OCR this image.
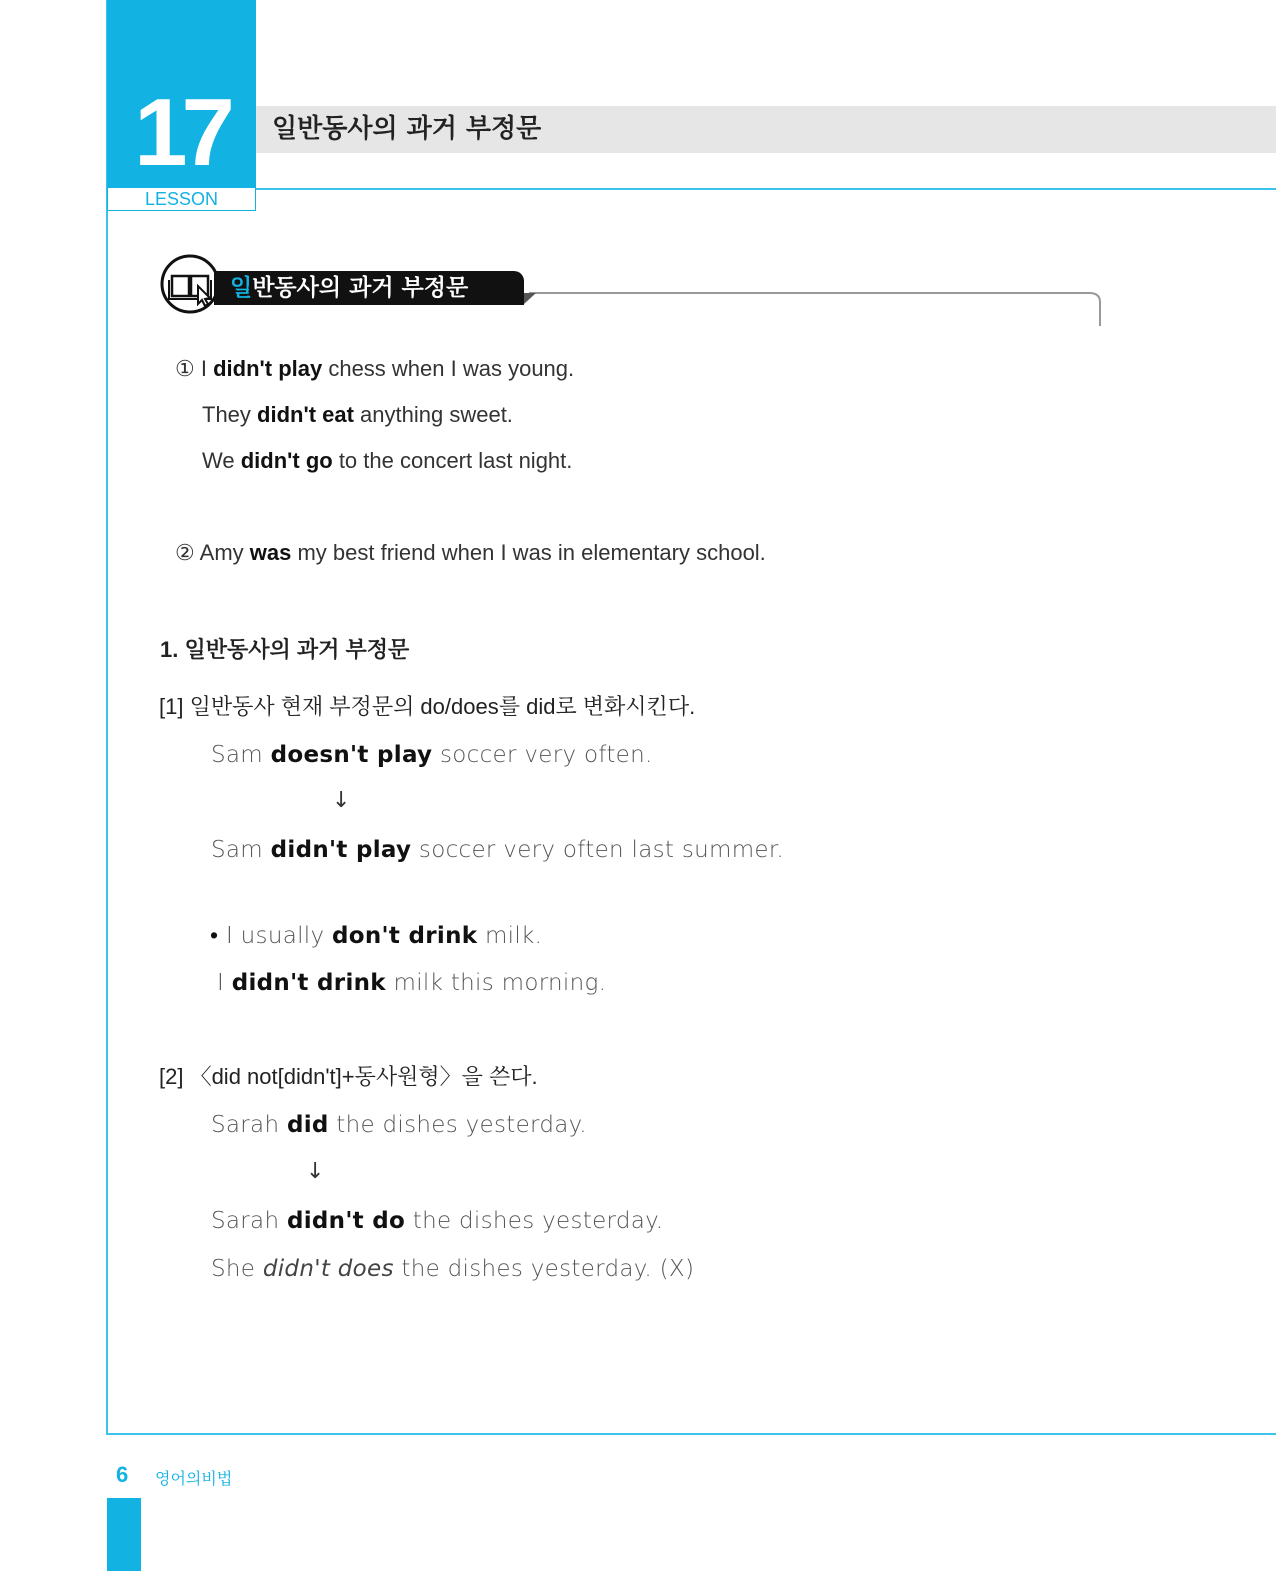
17
LESSON
일반동사의 과거 부정문
일반동사의 과거 부정문
① I didn't play chess when I was young.
They didn't eat anything sweet.
We didn't go to the concert last night.
② Amy was my best friend when I was in elementary school.
1. 일반동사의 과거 부정문
[1] 일반동사 현재 부정문의 do/does를 did로 변화시킨다.
Sam doesn't play soccer very often.
↓
Sam didn't play soccer very often last summer.
• I usually don't drink milk.
I didn't drink milk this morning.
[2] 〈did not[didn't]+동사원형〉을 쓴다.
Sarah did the dishes yesterday.
↓
Sarah didn't do the dishes yesterday.
She didn't does the dishes yesterday. (X)
6 영어의비법
